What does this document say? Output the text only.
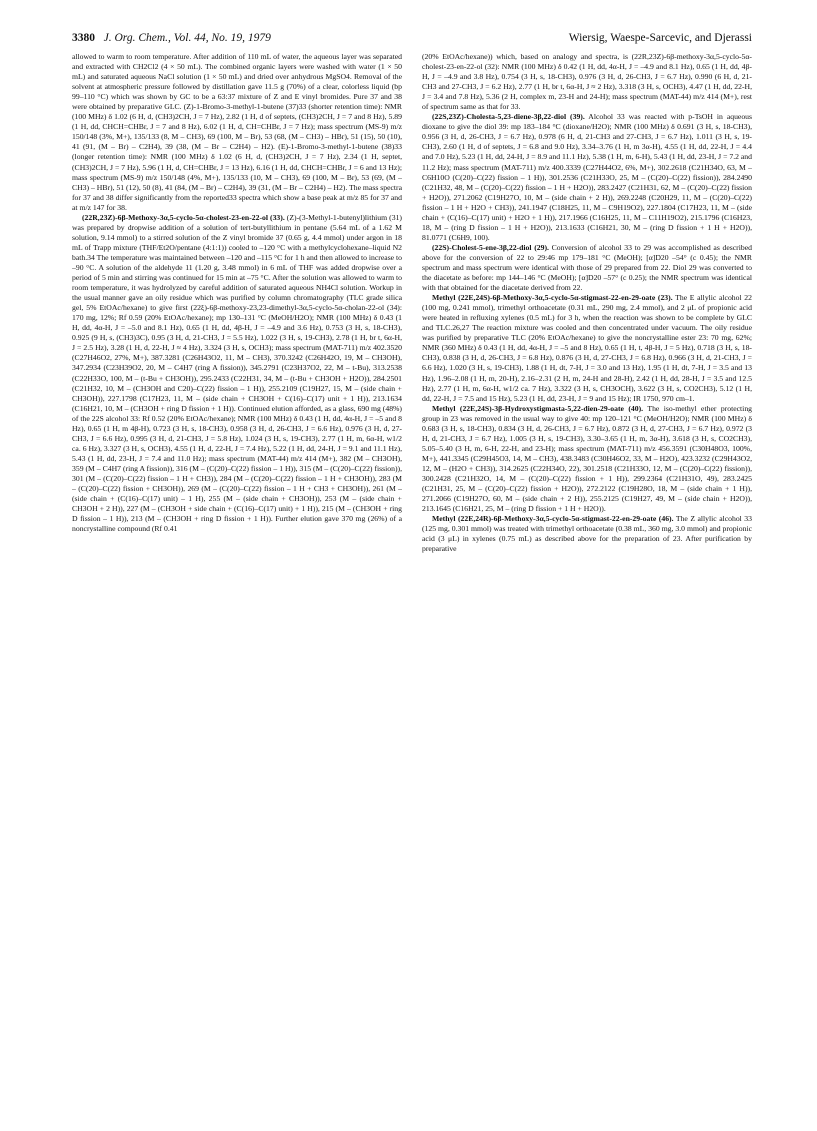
3380 J. Org. Chem., Vol. 44, No. 19, 1979	Wiersig, Waespe-Sarcevic, and Djerassi

allowed to warm to room temperature. After addition of 110 mL of water, the aqueous layer was separated and extracted with CH2Cl2 (4 × 50 mL). The combined organic layers were washed with water (1 × 50 mL) and saturated aqueous NaCl solution (1 × 50 mL) and dried over anhydrous MgSO4. Removal of the solvent at atmospheric pressure followed by distillation gave 11.5 g (70%) of a clear, colorless liquid (bp 99–110 °C) which was shown by GC to be a 63:37 mixture of Z and E vinyl bromides. Pure 37 and 38 were obtained by preparative GLC. (Z)-1-Bromo-3-methyl-1-butene (37)33 (shorter retention time): NMR (100 MHz) δ 1.02 (6 H, d, (CH3)2CH, J = 7 Hz), 2.82 (1 H, d of septets, (CH3)2CH, J = 7 and 8 Hz), 5.89 (1 H, dd, CHCH=CHBr, J = 7 and 8 Hz), 6.02 (1 H, d, CH=CHBr, J = 7 Hz); mass spectrum (MS-9) m/z 150/148 (3%, M+), 135/133 (8, M – CH3), 69 (100, M – Br), 53 (68, (M – CH3) – HBr), 51 (15), 50 (10), 41 (91, (M – Br) – C2H4), 39 (38, (M – Br – C2H4) – H2). (E)-1-Bromo-3-methyl-1-butene (38)33 (longer retention time): NMR (100 MHz) δ 1.02 (6 H, d, (CH3)2CH, J = 7 Hz), 2.34 (1 H, septet, (CH3)2CH, J = 7 Hz), 5.96 (1 H, d, CH=CHBr, J = 13 Hz), 6.16 (1 H, dd, CHCH=CHBr, J = 6 and 13 Hz); mass spectrum (MS-9) m/z 150/148 (4%, M+), 135/133 (10, M – CH3), 69 (100, M – Br), 53 (69, (M – CH3) – HBr), 51 (12), 50 (8), 41 (84, (M – Br) – C2H4), 39 (31, (M – Br – C2H4) – H2). The mass spectra for 37 and 38 differ significantly from the reported33 spectra which show a base peak at m/z 85 for 37 and at m/z 147 for 38.

(22R,23Z)-6β-Methoxy-3α,5-cyclo-5α-cholest-23-en-22-ol (33). (Z)-(3-Methyl-1-butenyl)lithium (31) was prepared by dropwise addition of a solution of tert-butyllithium in pentane (5.64 mL of a 1.62 M solution, 9.14 mmol) to a stirred solution of the Z vinyl bromide 37 (0.65 g, 4.4 mmol) under argon in 18 mL of Trapp mixture (THF/Et2O/pentane (4:1:1)) cooled to –120 °C with a methylcyclohexane–liquid N2 bath.34 The temperature was maintained between –120 and –115 °C for 1 h and then allowed to increase to –90 °C. A solution of the aldehyde 11 (1.20 g, 3.48 mmol) in 6 mL of THF was added dropwise over a period of 5 min and stirring was continued for 15 min at –75 °C. After the solution was allowed to warm to room temperature, it was hydrolyzed by careful addition of saturated aqueous NH4Cl solution. Workup in the usual manner gave an oily residue which was purified by column chromatography (TLC grade silica gel, 5% EtOAc/hexane) to give first (22ξ)-6β-methoxy-23,23-dimethyl-3α,5-cyclo-5α-cholan-22-ol (34): 170 mg, 12%; Rf 0.59 (20% EtOAc/hexane); mp 130–131 °C (MeOH/H2O); NMR (100 MHz) δ 0.43 (1 H, dd, 4α-H, J = –5.0 and 8.1 Hz), 0.65 (1 H, dd, 4β-H, J = –4.9 and 3.6 Hz), 0.753 (3 H, s, 18-CH3), 0.925 (9 H, s, (CH3)3C), 0.95 (3 H, d, 21-CH3, J = 5.5 Hz), 1.022 (3 H, s, 19-CH3), 2.78 (1 H, br t, 6α-H, J = 2.5 Hz), 3.28 (1 H, d, 22-H, J ≈ 4 Hz), 3.324 (3 H, s, OCH3); mass spectrum (MAT-711) m/z 402.3520 (C27H46O2, 27%, M+), 387.3281 (C26H43O2, 11, M – CH3), 370.3242 (C26H42O, 19, M – CH3OH), 347.2934 (C23H39O2, 20, M – C4H7 (ring A fission)), 345.2791 (C23H37O2, 22, M – t-Bu), 313.2538 (C22H33O, 100, M – (t-Bu + CH3OH)), 295.2433 (C22H31, 34, M – (t-Bu + CH3OH + H2O)), 284.2501 (C21H32, 10, M – (CH3OH and C20)–C(22) fission – 1 H)), 255.2109 (C19H27, 15, M – (side chain + CH3OH)), 227.1798 (C17H23, 11, M – (side chain + CH3OH + C(16)–C(17) unit + 1 H)), 213.1634 (C16H21, 10, M – (CH3OH + ring D fission + 1 H)). Continued elution afforded, as a glass, 690 mg (48%) of the 22S alcohol 33: Rf 0.52 (20% EtOAc/hexane); NMR (100 MHz) δ 0.43 (1 H, dd, 4α-H, J = –5 and 8 Hz), 0.65 (1 H, m 4β-H), 0.723 (3 H, s, 18-CH3), 0.958 (3 H, d, 26-CH3, J = 6.6 Hz), 0.976 (3 H, d, 27-CH3, J = 6.6 Hz), 0.995 (3 H, d, 21-CH3, J = 5.8 Hz), 1.024 (3 H, s, 19-CH3), 2.77 (1 H, m, 6α-H, w1/2 ca. 6 Hz), 3.327 (3 H, s, OCH3), 4.55 (1 H, d, 22-H, J = 7.4 Hz), 5.22 (1 H, dd, 24-H, J = 9.1 and 11.1 Hz), 5.43 (1 H, dd, 23-H, J = 7.4 and 11.0 Hz); mass spectrum (MAT-44) m/z 414 (M+), 382 (M – CH3OH), 359 (M – C4H7 (ring A fission)), 316 (M – (C(20)–C(22) fission – 1 H)), 315 (M – (C(20)–C(22) fission)), 301 (M – (C(20)–C(22) fission – 1 H + CH3)), 284 (M – (C(20)–C(22) fission – 1 H + CH3OH)), 283 (M – (C(20)–C(22) fission + CH3OH)), 269 (M – (C(20)–C(22) fission – 1 H + CH3 + CH3OH)), 261 (M – (side chain + (C(16)–C(17) unit) – 1 H), 255 (M – (side chain + CH3OH)), 253 (M – (side chain + CH3OH + 2 H)), 227 (M – (CH3OH + side chain + (C(16)–C(17) unit) + 1 H)), 215 (M – (CH3OH + ring D fission – 1 H)), 213 (M – (CH3OH + ring D fission + 1 H)). Further elution gave 370 mg (26%) of a noncrystalline compound (Rf 0.41

(20% EtOAc/hexane)) which, based on analogy and spectra, is (22R,23Z)-6β-methoxy-3α,5-cyclo-5α-cholest-23-en-22-ol (32): NMR (100 MHz) δ 0.42 (1 H, dd, 4α-H, J = –4.9 and 8.1 Hz), 0.65 (1 H, dd, 4β-H, J = –4.9 and 3.8 Hz), 0.754 (3 H, s, 18-CH3), 0.976 (3 H, d, 26-CH3, J = 6.7 Hz), 0.990 (6 H, d, 21-CH3 and 27-CH3, J = 6.2 Hz), 2.77 (1 H, br t, 6α-H, J ≈ 2 Hz), 3.318 (3 H, s, OCH3), 4.47 (1 H, dd, 22-H, J = 3.4 and 7.8 Hz), 5.36 (2 H, complex m, 23-H and 24-H); mass spectrum (MAT-44) m/z 414 (M+), rest of spectrum same as that for 33.

(22S,23Z)-Cholesta-5,23-diene-3β,22-diol (39). Alcohol 33 was reacted with p-TsOH in aqueous dioxane to give the diol 39: mp 183–184 °C (dioxane/H2O); NMR (100 MHz) δ 0.691 (3 H, s, 18-CH3), 0.956 (3 H, d, 26-CH3, J = 6.7 Hz), 0.978 (6 H, d, 21-CH3 and 27-CH3, J = 6.7 Hz), 1.011 (3 H, s, 19-CH3), 2.60 (1 H, d of septets, J = 6.8 and 9.0 Hz), 3.34–3.76 (1 H, m 3α-H), 4.55 (1 H, dd, 22-H, J = 4.4 and 7.0 Hz), 5.23 (1 H, dd, 24-H, J = 8.9 and 11.1 Hz), 5.38 (1 H, m, 6-H), 5.43 (1 H, dd, 23-H, J = 7.2 and 11.2 Hz); mass spectrum (MAT-711) m/z 400.3339 (C27H44O2, 6%, M+), 302.2618 (C21H34O, 63, M – C6H10O (C(20)–C(22) fission – 1 H)), 301.2536 (C21H33O, 25, M – (C(20)–C(22) fission)), 284.2490 (C21H32, 48, M – (C(20)–C(22) fission – 1 H + H2O)), 283.2427 (C21H31, 62, M – (C(20)–C(22) fission + H2O)), 271.2062 (C19H27O, 10, M – (side chain + 2 H)), 269.2248 (C20H29, 11, M – (C(20)–C(22) fission – 1 H + H2O + CH3)), 241.1947 (C18H25, 11, M – C9H19O2), 227.1804 (C17H23, 11, M – (side chain + (C(16)–C(17) unit) + H2O + 1 H)), 217.1966 (C16H25, 11, M – C11H19O2), 215.1796 (C16H23, 18, M – (ring D fission – 1 H + H2O)), 213.1633 (C16H21, 30, M – (ring D fission + 1 H + H2O)), 81.0771 (C6H9, 100).

(22S)-Cholest-5-ene-3β,22-diol (29). Conversion of alcohol 33 to 29 was accomplished as described above for the conversion of 22 to 29:46 mp 179–181 °C (MeOH); [α]D20 –54° (c 0.45); the NMR spectrum and mass spectrum were identical with those of 29 prepared from 22. Diol 29 was converted to the diacetate as before: mp 144–146 °C (MeOH); [α]D20 –57° (c 0.25); the NMR spectrum was identical with that obtained for the diacetate derived from 22.

Methyl (22E,24S)-6β-Methoxy-3α,5-cyclo-5α-stigmast-22-en-29-oate (23). The E allylic alcohol 22 (100 mg, 0.241 mmol), trimethyl orthoacetate (0.31 mL, 290 mg, 2.4 mmol), and 2 μL of propionic acid were heated in refluxing xylenes (0.5 mL) for 3 h, when the reaction was shown to be complete by GLC and TLC.26,27 The reaction mixture was cooled and then concentrated under vacuum. The oily residue was purified by preparative TLC (20% EtOAc/hexane) to give the noncrystalline ester 23: 70 mg, 62%; NMR (360 MHz) δ 0.43 (1 H, dd, 4α-H, J = –5 and 8 Hz), 0.65 (1 H, t, 4β-H, J = 5 Hz), 0.718 (3 H, s, 18-CH3), 0.838 (3 H, d, 26-CH3, J = 6.8 Hz), 0.876 (3 H, d, 27-CH3, J = 6.8 Hz), 0.966 (3 H, d, 21-CH3, J = 6.6 Hz), 1.020 (3 H, s, 19-CH3), 1.88 (1 H, dt, 7-H, J = 3.0 and 13 Hz), 1.95 (1 H, dt, 7-H, J = 3.5 and 13 Hz), 1.96–2.08 (1 H, m, 20-H), 2.16–2.31 (2 H, m, 24-H and 28-H), 2.42 (1 H, dd, 28-H, J = 3.5 and 12.5 Hz), 2.77 (1 H, m, 6α-H, w1/2 ca. 7 Hz), 3.322 (3 H, s, CH3OCH), 3.622 (3 H, s, CO2CH3), 5.12 (1 H, dd, 22-H, J = 7.5 and 15 Hz), 5.23 (1 H, dd, 23-H, J = 9 and 15 Hz); IR 1750, 970 cm–1.

Methyl (22E,24S)-3β-Hydroxystigmasta-5,22-dien-29-oate (40). The iso-methyl ether protecting group in 23 was removed in the usual way to give 40: mp 120–121 °C (MeOH/H2O); NMR (100 MHz) δ 0.683 (3 H, s, 18-CH3), 0.834 (3 H, d, 26-CH3, J = 6.7 Hz), 0.872 (3 H, d, 27-CH3, J = 6.7 Hz), 0.972 (3 H, d, 21-CH3, J = 6.7 Hz), 1.005 (3 H, s, 19-CH3), 3.30–3.65 (1 H, m, 3α-H), 3.618 (3 H, s, CO2CH3), 5.05–5.40 (3 H, m, 6-H, 22-H, and 23-H); mass spectrum (MAT-711) m/z 456.3591 (C30H48O3, 100%, M+), 441.3345 (C29H45O3, 14, M – CH3), 438.3483 (C30H46O2, 33, M – H2O), 423.3232 (C29H43O2, 12, M – (H2O + CH3)), 314.2625 (C22H34O, 22), 301.2518 (C21H33O, 12, M – (C(20)–C(22) fission)), 300.2428 (C21H32O, 14, M – (C(20)–C(22) fission + 1 H)), 299.2364 (C21H31O, 49), 283.2425 (C21H31, 25, M – (C(20)–C(22) fission + H2O)), 272.2122 (C19H28O, 18, M – (side chain + 1 H)), 271.2066 (C19H27O, 60, M – (side chain + 2 H)), 255.2125 (C19H27, 49, M – (side chain + H2O)), 213.1645 (C16H21, 25, M – (ring D fission + 1 H + H2O)).

Methyl (22E,24R)-6β-Methoxy-3α,5-cyclo-5α-stigmast-22-en-29-oate (46). The Z allylic alcohol 33 (125 mg, 0.301 mmol) was treated with trimethyl orthoacetate (0.38 mL, 360 mg, 3.0 mmol) and propionic acid (3 μL) in xylenes (0.75 mL) as described above for the preparation of 23. After purification by preparative
